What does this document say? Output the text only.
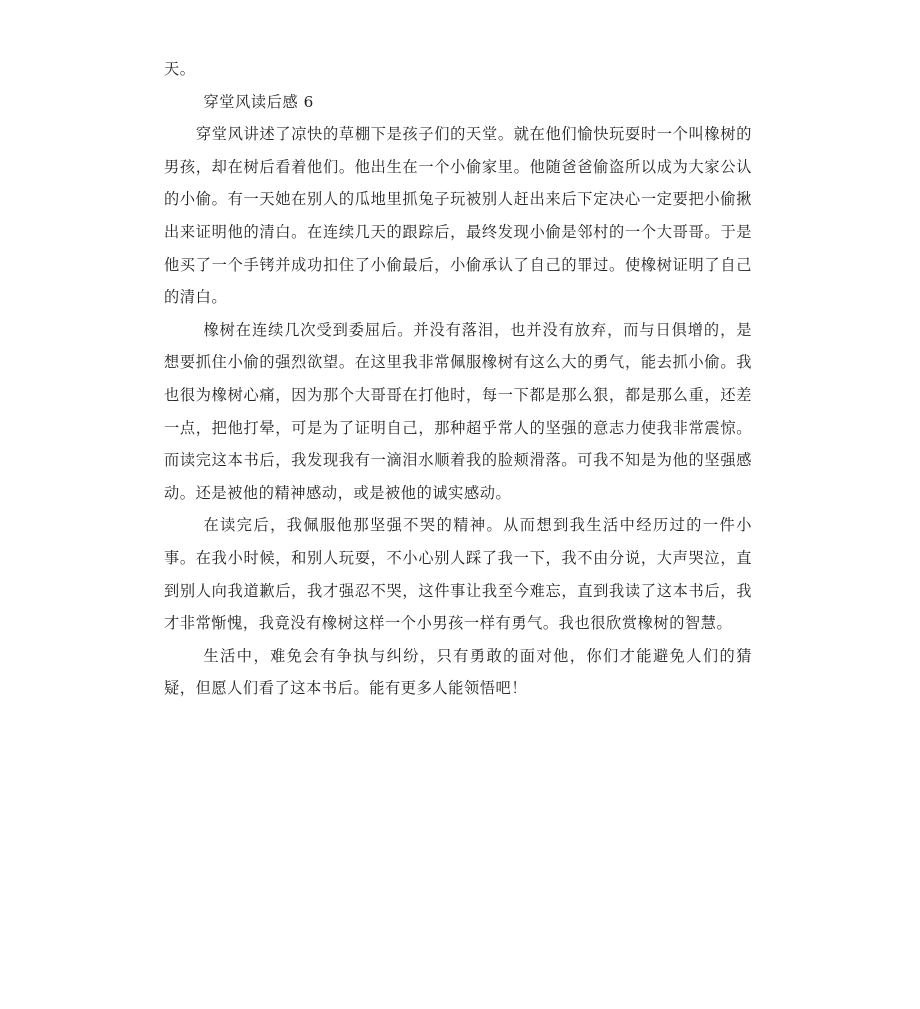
天。

穿堂风读后感 6

穿堂风讲述了凉快的草棚下是孩子们的天堂。就在他们愉快玩耍时一个叫橡树的男孩，却在树后看着他们。他出生在一个小偷家里。他随爸爸偷盗所以成为大家公认的小偷。有一天她在别人的瓜地里抓兔子玩被别人赶出来后下定决心一定要把小偷揪出来证明他的清白。在连续几天的跟踪后，最终发现小偷是邻村的一个大哥哥。于是他买了一个手铐并成功扣住了小偷最后，小偷承认了自己的罪过。使橡树证明了自己的清白。

橡树在连续几次受到委屈后。并没有落泪，也并没有放弃，而与日俱增的，是想要抓住小偷的强烈欲望。在这里我非常佩服橡树有这么大的勇气，能去抓小偷。我也很为橡树心痛，因为那个大哥哥在打他时，每一下都是那么狠，都是那么重，还差一点，把他打晕，可是为了证明自己，那种超乎常人的坚强的意志力使我非常震惊。而读完这本书后，我发现我有一滴泪水顺着我的脸颊滑落。可我不知是为他的坚强感动。还是被他的精神感动，或是被他的诚实感动。

在读完后，我佩服他那坚强不哭的精神。从而想到我生活中经历过的一件小事。在我小时候，和别人玩耍，不小心别人踩了我一下，我不由分说，大声哭泣，直到别人向我道歉后，我才强忍不哭，这件事让我至今难忘，直到我读了这本书后，我才非常惭愧，我竟没有橡树这样一个小男孩一样有勇气。我也很欣赏橡树的智慧。

生活中，难免会有争执与纠纷，只有勇敢的面对他，你们才能避免人们的猜疑，但愿人们看了这本书后。能有更多人能领悟吧！
